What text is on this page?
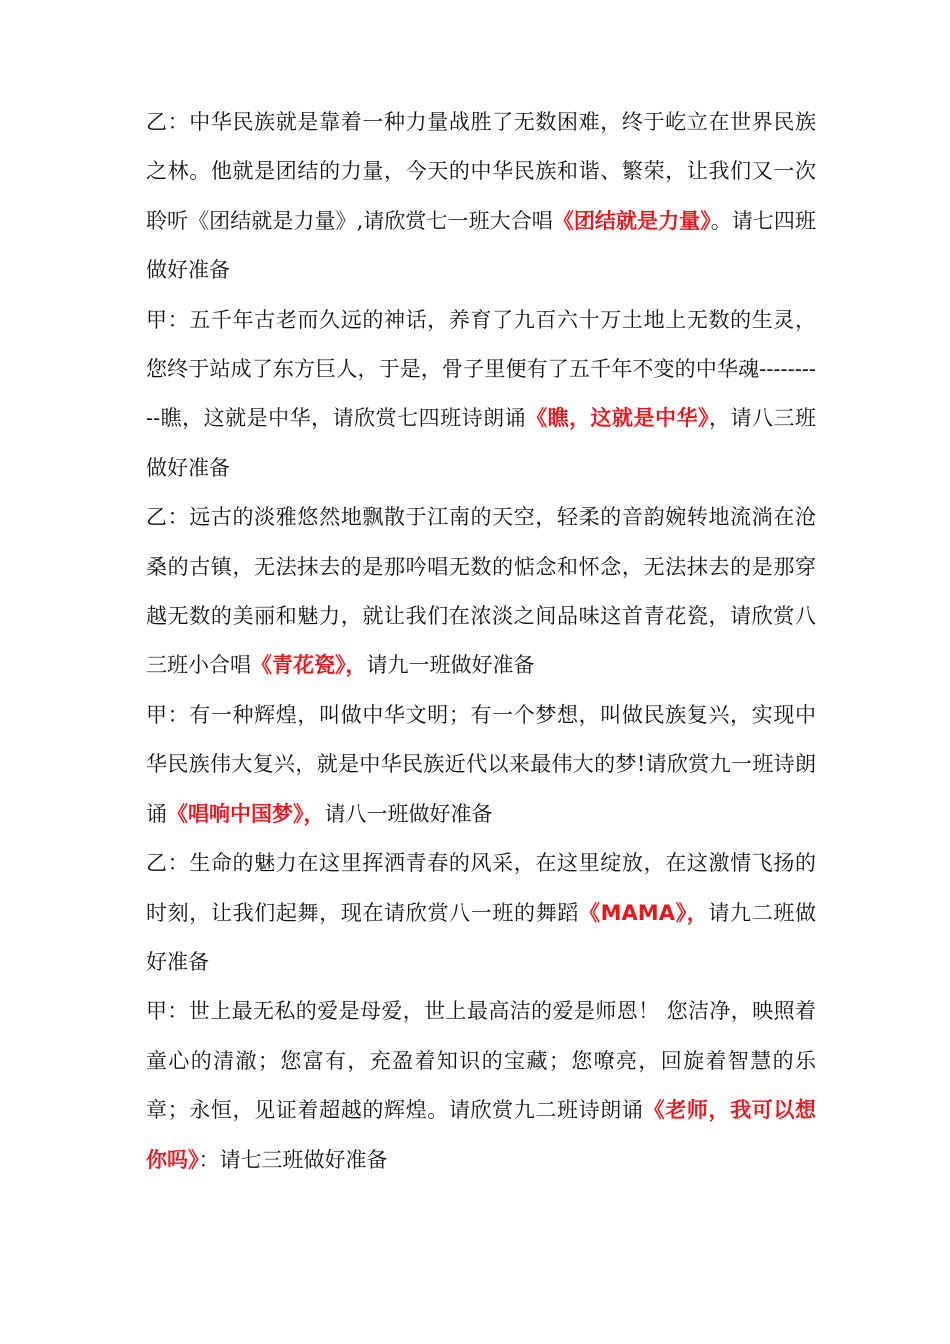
乙：中华民族就是靠着一种力量战胜了无数困难，终于屹立在世界民族之林。他就是团结的力量，今天的中华民族和谐、繁荣，让我们又一次聆听《团结就是力量》,请欣赏七一班大合唱《团结就是力量》。请七四班做好准备

甲：五千年古老而久远的神话，养育了九百六十万土地上无数的生灵，您终于站成了东方巨人，于是，骨子里便有了五千年不变的中华魂----------瞧，这就是中华，请欣赏七四班诗朗诵《瞧，这就是中华》，请八三班做好准备

乙：远古的淡雅悠然地飘散于江南的天空，轻柔的音韵婉转地流淌在沧桑的古镇，无法抹去的是那吟唱无数的惦念和怀念，无法抹去的是那穿越无数的美丽和魅力，就让我们在浓淡之间品味这首青花瓷，请欣赏八三班小合唱《青花瓷》，请九一班做好准备

甲：有一种辉煌，叫做中华文明；有一个梦想，叫做民族复兴，实现中华民族伟大复兴，就是中华民族近代以来最伟大的梦!请欣赏九一班诗朗诵《唱响中国梦》，请八一班做好准备

乙：生命的魅力在这里挥洒青春的风采，在这里绽放，在这激情飞扬的时刻，让我们起舞，现在请欣赏八一班的舞蹈《MAMA》，请九二班做好准备

甲：世上最无私的爱是母爱，世上最高洁的爱是师恩！ 您洁净，映照着童心的清澈；您富有，充盈着知识的宝藏；您嘹亮，回旋着智慧的乐章；永恒，见证着超越的辉煌。请欣赏九二班诗朗诵《老师，我可以想你吗》：请七三班做好准备
